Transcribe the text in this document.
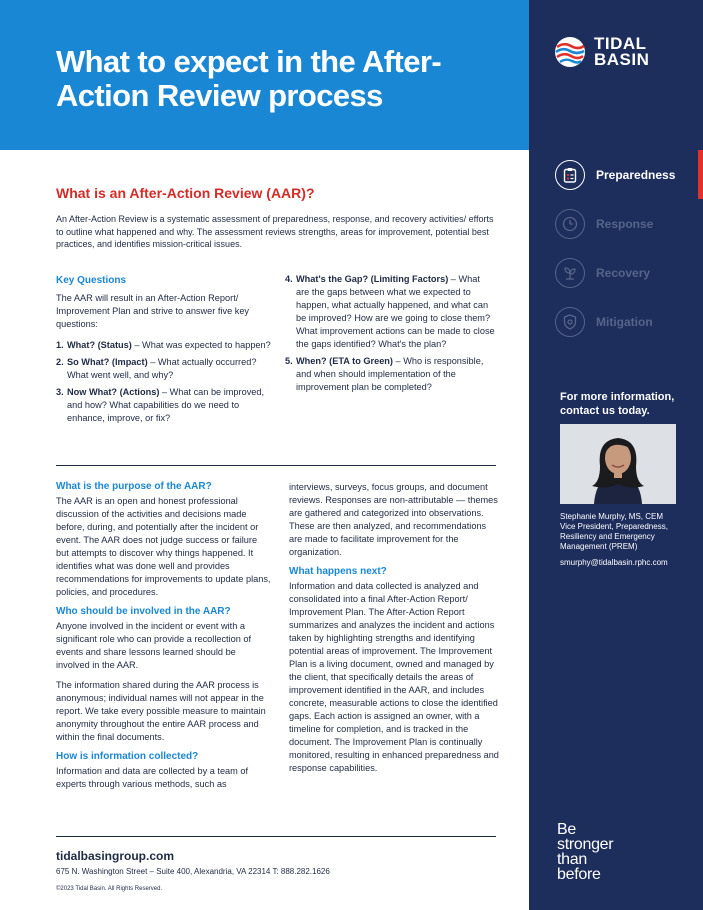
What to expect in the After-Action Review process
TIDAL
BASIN
Preparedness
Response
Recovery
Mitigation
For more information, contact us today.
Stephanie Murphy, MS, CEM
Vice President, Preparedness, Resiliency and Emergency Management (PREM)
smurphy@tidalbasin.rphc.com
Be
stronger
than
before
What is an After-Action Review (AAR)?

An After-Action Review is a systematic assessment of preparedness, response, and recovery activities/ efforts to outline what happened and why. The assessment reviews strengths, areas for improvement, potential best practices, and identifies mission-critical issues.

Key Questions

The AAR will result in an After-Action Report/ Improvement Plan and strive to answer five key questions:

1. What? (Status) – What was expected to happen?
2. So What? (Impact) – What actually occurred? What went well, and why?
3. Now What? (Actions) – What can be improved, and how? What capabilities do we need to enhance, improve, or fix?
4. What's the Gap? (Limiting Factors) – What are the gaps between what we expected to happen, what actually happened, and what can be improved? How are we going to close them? What improvement actions can be made to close the gaps identified? What's the plan?
5. When? (ETA to Green) – Who is responsible, and when should implementation of the improvement plan be completed?
What is the purpose of the AAR?

The AAR is an open and honest professional discussion of the activities and decisions made before, during, and potentially after the incident or event. The AAR does not judge success or failure but attempts to discover why things happened. It identifies what was done well and provides recommendations for improvements to update plans, policies, and procedures.

Who should be involved in the AAR?

Anyone involved in the incident or event with a significant role who can provide a recollection of events and share lessons learned should be involved in the AAR.

The information shared during the AAR process is anonymous; individual names will not appear in the report. We take every possible measure to maintain anonymity throughout the entire AAR process and within the final documents.

How is information collected?

Information and data are collected by a team of experts through various methods, such as

interviews, surveys, focus groups, and document reviews. Responses are non-attributable — themes are gathered and categorized into observations. These are then analyzed, and recommendations are made to facilitate improvement for the organization.

What happens next?

Information and data collected is analyzed and consolidated into a final After-Action Report/ Improvement Plan. The After-Action Report summarizes and analyzes the incident and actions taken by highlighting strengths and identifying potential areas of improvement. The Improvement Plan is a living document, owned and managed by the client, that specifically details the areas of improvement identified in the AAR, and includes concrete, measurable actions to close the identified gaps. Each action is assigned an owner, with a timeline for completion, and is tracked in the document. The Improvement Plan is continually monitored, resulting in enhanced preparedness and response capabilities.

tidalbasingroup.com
675 N. Washington Street – Suite 400, Alexandria, VA 22314 T: 888.282.1626
©2023 Tidal Basin. All Rights Reserved.
